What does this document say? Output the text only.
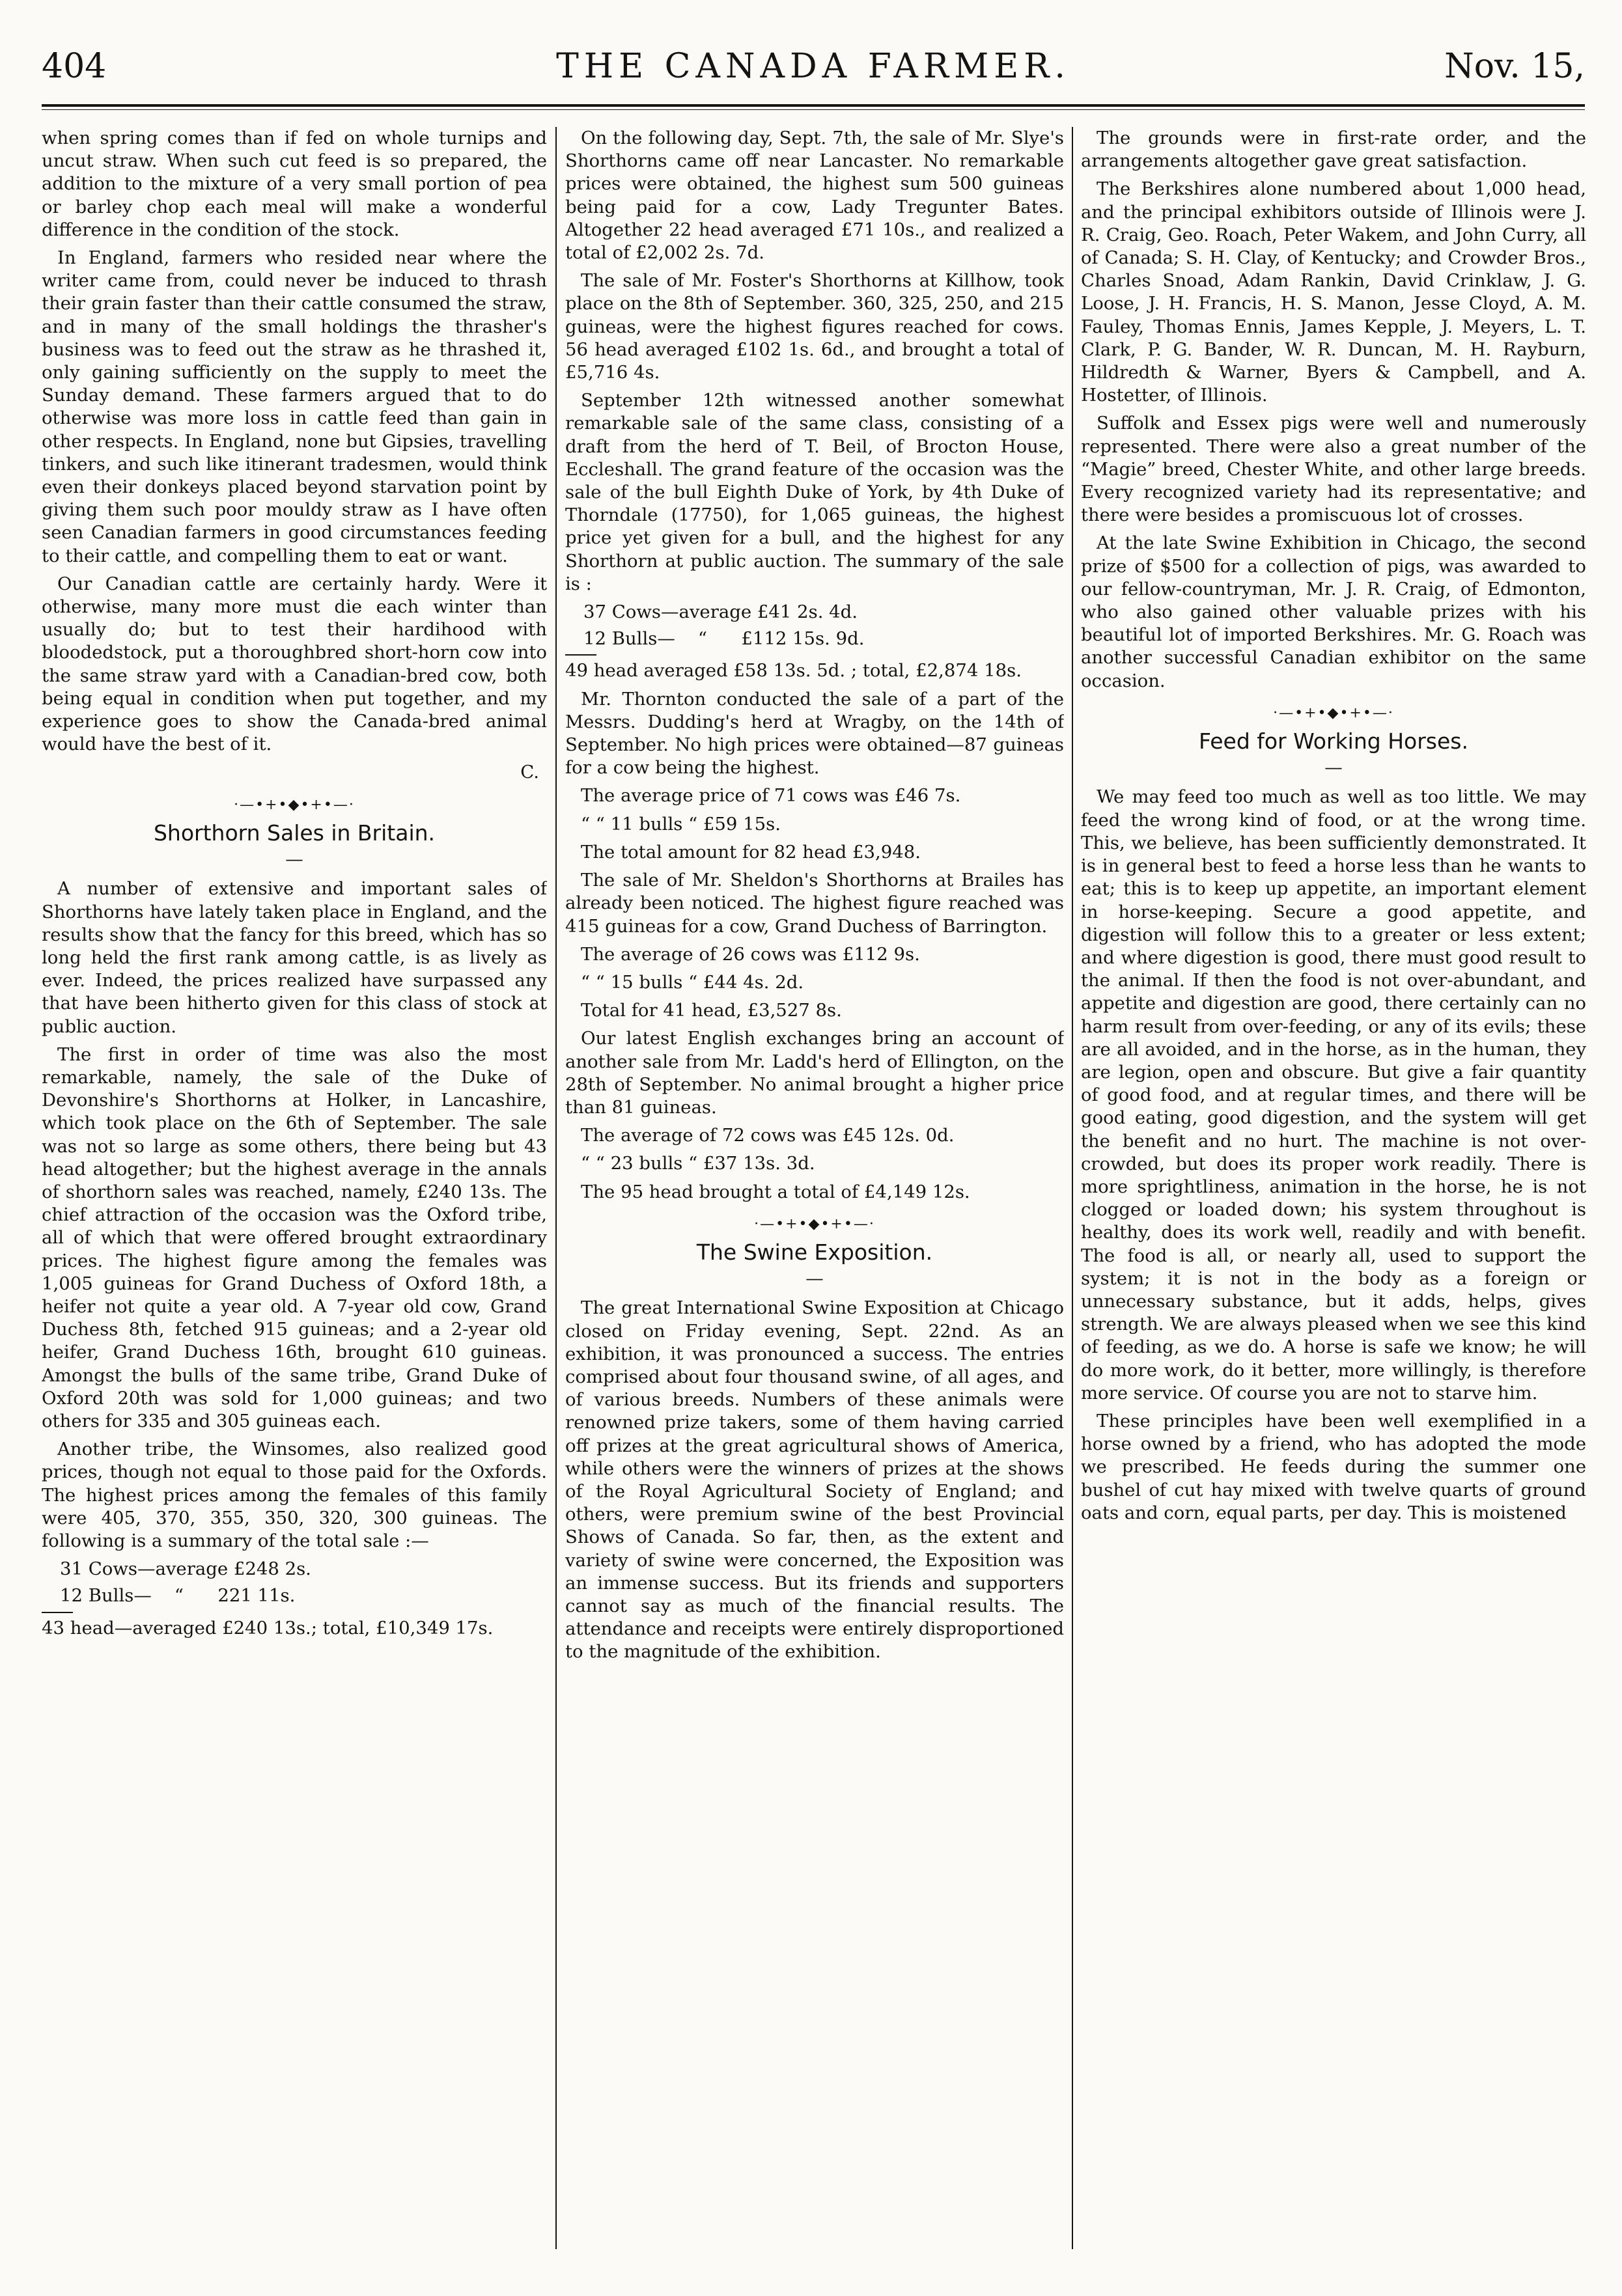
404	THE CANADA FARMER.	Nov. 15,

when spring comes than if fed on whole turnips and uncut straw. When such cut feed is so prepared, the addition to the mixture of a very small portion of pea or barley chop each meal will make a wonderful difference in the condition of the stock.

In England, farmers who resided near where the writer came from, could never be induced to thrash their grain faster than their cattle consumed the straw, and in many of the small holdings the thrasher's business was to feed out the straw as he thrashed it, only gaining sufficiently on the supply to meet the Sunday demand. These farmers argued that to do otherwise was more loss in cattle feed than gain in other respects. In England, none but Gipsies, travelling tinkers, and such like itinerant tradesmen, would think even their donkeys placed beyond starvation point by giving them such poor mouldy straw as I have often seen Canadian farmers in good circumstances feeding to their cattle, and compelling them to eat or want.

Our Canadian cattle are certainly hardy. Were it otherwise, many more must die each winter than usually do; but to test their hardihood with bloodedstock, put a thoroughbred short-horn cow into the same straw yard with a Canadian-bred cow, both being equal in condition when put together, and my experience goes to show the Canada-bred animal would have the best of it.

C.
·—•+•◆•+•—·
Shorthorn Sales in Britain.
—

A number of extensive and important sales of Shorthorns have lately taken place in England, and the results show that the fancy for this breed, which has so long held the first rank among cattle, is as lively as ever. Indeed, the prices realized have surpassed any that have been hitherto given for this class of stock at public auction.

The first in order of time was also the most remarkable, namely, the sale of the Duke of Devonshire's Shorthorns at Holker, in Lancashire, which took place on the 6th of September. The sale was not so large as some others, there being but 43 head altogether; but the highest average in the annals of shorthorn sales was reached, namely, £240 13s. The chief attraction of the occasion was the Oxford tribe, all of which that were offered brought extraordinary prices. The highest figure among the females was 1,005 guineas for Grand Duchess of Oxford 18th, a heifer not quite a year old. A 7-year old cow, Grand Duchess 8th, fetched 915 guineas; and a 2-year old heifer, Grand Duchess 16th, brought 610 guineas. Amongst the bulls of the same tribe, Grand Duke of Oxford 20th was sold for 1,000 guineas; and two others for 335 and 305 guineas each.

Another tribe, the Winsomes, also realized good prices, though not equal to those paid for the Oxfords. The highest prices among the females of this family were 405, 370, 355, 350, 320, 300 guineas. The following is a summary of the total sale :—

31 Cows—average £248 2s.
12 Bulls—    “      221 11s.

43 head—averaged £240 13s.; total, £10,349 17s.

On the following day, Sept. 7th, the sale of Mr. Slye's Shorthorns came off near Lancaster. No remarkable prices were obtained, the highest sum 500 guineas being paid for a cow, Lady Tregunter Bates. Altogether 22 head averaged £71 10s., and realized a total of £2,002 2s. 7d.

The sale of Mr. Foster's Shorthorns at Killhow, took place on the 8th of September. 360, 325, 250, and 215 guineas, were the highest figures reached for cows. 56 head averaged £102 1s. 6d., and brought a total of £5,716 4s.

September 12th witnessed another somewhat remarkable sale of the same class, consisting of a draft from the herd of T. Beil, of Brocton House, Eccleshall. The grand feature of the occasion was the sale of the bull Eighth Duke of York, by 4th Duke of Thorndale (17750), for 1,065 guineas, the highest price yet given for a bull, and the highest for any Shorthorn at public auction. The summary of the sale is :

37 Cows—average £41 2s. 4d.
12 Bulls—    “      £112 15s. 9d.

49 head averaged £58 13s. 5d. ; total, £2,874 18s.

Mr. Thornton conducted the sale of a part of the Messrs. Dudding's herd at Wragby, on the 14th of September. No high prices were obtained—87 guineas for a cow being the highest.

The average price of 71 cows was £46 7s.

“ “ 11 bulls “ £59 15s.

The total amount for 82 head £3,948.

The sale of Mr. Sheldon's Shorthorns at Brailes has already been noticed. The highest figure reached was 415 guineas for a cow, Grand Duchess of Barrington.

The average of 26 cows was £112 9s.

“ “ 15 bulls “ £44 4s. 2d.

Total for 41 head, £3,527 8s.

Our latest English exchanges bring an account of another sale from Mr. Ladd's herd of Ellington, on the 28th of September. No animal brought a higher price than 81 guineas.

The average of 72 cows was £45 12s. 0d.

“ “ 23 bulls “ £37 13s. 3d.

The 95 head brought a total of £4,149 12s.

·—•+•◆•+•—·
The Swine Exposition.
—

The great International Swine Exposition at Chicago closed on Friday evening, Sept. 22nd. As an exhibition, it was pronounced a success. The entries comprised about four thousand swine, of all ages, and of various breeds. Numbers of these animals were renowned prize takers, some of them having carried off prizes at the great agricultural shows of America, while others were the winners of prizes at the shows of the Royal Agricultural Society of England; and others, were premium swine of the best Provincial Shows of Canada. So far, then, as the extent and variety of swine were concerned, the Exposition was an immense success. But its friends and supporters cannot say as much of the financial results. The attendance and receipts were entirely disproportioned to the magnitude of the exhibition.

The grounds were in first-rate order, and the arrangements altogether gave great satisfaction.

The Berkshires alone numbered about 1,000 head, and the principal exhibitors outside of Illinois were J. R. Craig, Geo. Roach, Peter Wakem, and John Curry, all of Canada; S. H. Clay, of Kentucky; and Crowder Bros., Charles Snoad, Adam Rankin, David Crinklaw, J. G. Loose, J. H. Francis, H. S. Manon, Jesse Cloyd, A. M. Fauley, Thomas Ennis, James Kepple, J. Meyers, L. T. Clark, P. G. Bander, W. R. Duncan, M. H. Rayburn, Hildredth & Warner, Byers & Campbell, and A. Hostetter, of Illinois.

Suffolk and Essex pigs were well and numerously represented. There were also a great number of the “Magie” breed, Chester White, and other large breeds. Every recognized variety had its representative; and there were besides a promiscuous lot of crosses.

At the late Swine Exhibition in Chicago, the second prize of $500 for a collection of pigs, was awarded to our fellow-countryman, Mr. J. R. Craig, of Edmonton, who also gained other valuable prizes with his beautiful lot of imported Berkshires. Mr. G. Roach was another successful Canadian exhibitor on the same occasion.

·—•+•◆•+•—·
Feed for Working Horses.
—

We may feed too much as well as too little. We may feed the wrong kind of food, or at the wrong time. This, we believe, has been sufficiently demonstrated. It is in general best to feed a horse less than he wants to eat; this is to keep up appetite, an important element in horse-keeping. Secure a good appetite, and digestion will follow this to a greater or less extent; and where digestion is good, there must good result to the animal. If then the food is not over-abundant, and appetite and digestion are good, there certainly can no harm result from over-feeding, or any of its evils; these are all avoided, and in the horse, as in the human, they are legion, open and obscure. But give a fair quantity of good food, and at regular times, and there will be good eating, good digestion, and the system will get the benefit and no hurt. The machine is not over-crowded, but does its proper work readily. There is more sprightliness, animation in the horse, he is not clogged or loaded down; his system throughout is healthy, does its work well, readily and with benefit. The food is all, or nearly all, used to support the system; it is not in the body as a foreign or unnecessary substance, but it adds, helps, gives strength. We are always pleased when we see this kind of feeding, as we do. A horse is safe we know; he will do more work, do it better, more willingly, is therefore more service. Of course you are not to starve him.

These principles have been well exemplified in a horse owned by a friend, who has adopted the mode we prescribed. He feeds during the summer one bushel of cut hay mixed with twelve quarts of ground oats and corn, equal parts, per day. This is moistened
